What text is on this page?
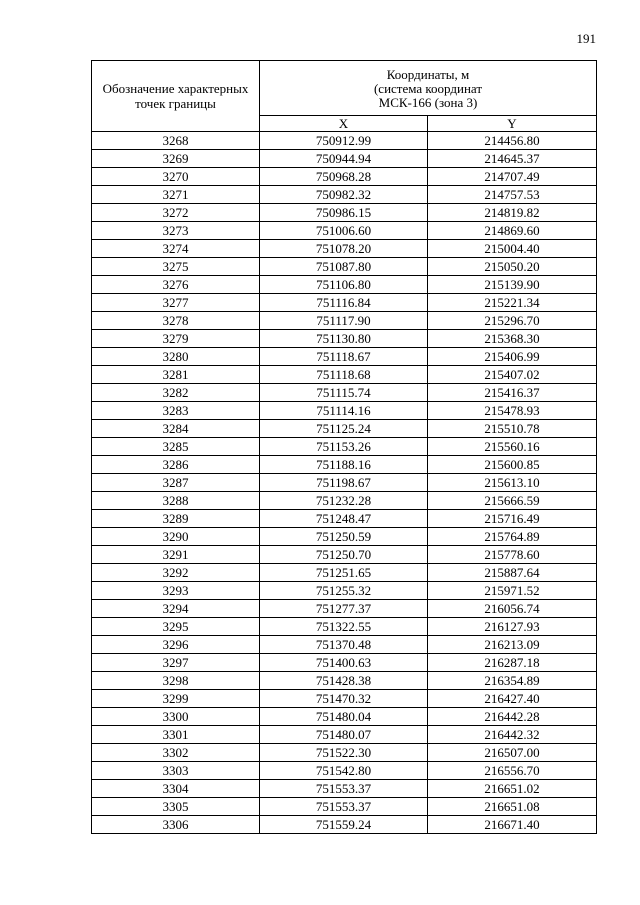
191
Обозначение характерных точек границы	Координаты, м
(система координат
МСК-166 (зона 3)	

	X	Y
3268	750912.99	214456.80
3269	750944.94	214645.37
3270	750968.28	214707.49
3271	750982.32	214757.53
3272	750986.15	214819.82
3273	751006.60	214869.60
3274	751078.20	215004.40
3275	751087.80	215050.20
3276	751106.80	215139.90
3277	751116.84	215221.34
3278	751117.90	215296.70
3279	751130.80	215368.30
3280	751118.67	215406.99
3281	751118.68	215407.02
3282	751115.74	215416.37
3283	751114.16	215478.93
3284	751125.24	215510.78
3285	751153.26	215560.16
3286	751188.16	215600.85
3287	751198.67	215613.10
3288	751232.28	215666.59
3289	751248.47	215716.49
3290	751250.59	215764.89
3291	751250.70	215778.60
3292	751251.65	215887.64
3293	751255.32	215971.52
3294	751277.37	216056.74
3295	751322.55	216127.93
3296	751370.48	216213.09
3297	751400.63	216287.18
3298	751428.38	216354.89
3299	751470.32	216427.40
3300	751480.04	216442.28
3301	751480.07	216442.32
3302	751522.30	216507.00
3303	751542.80	216556.70
3304	751553.37	216651.02
3305	751553.37	216651.08
3306	751559.24	216671.40
